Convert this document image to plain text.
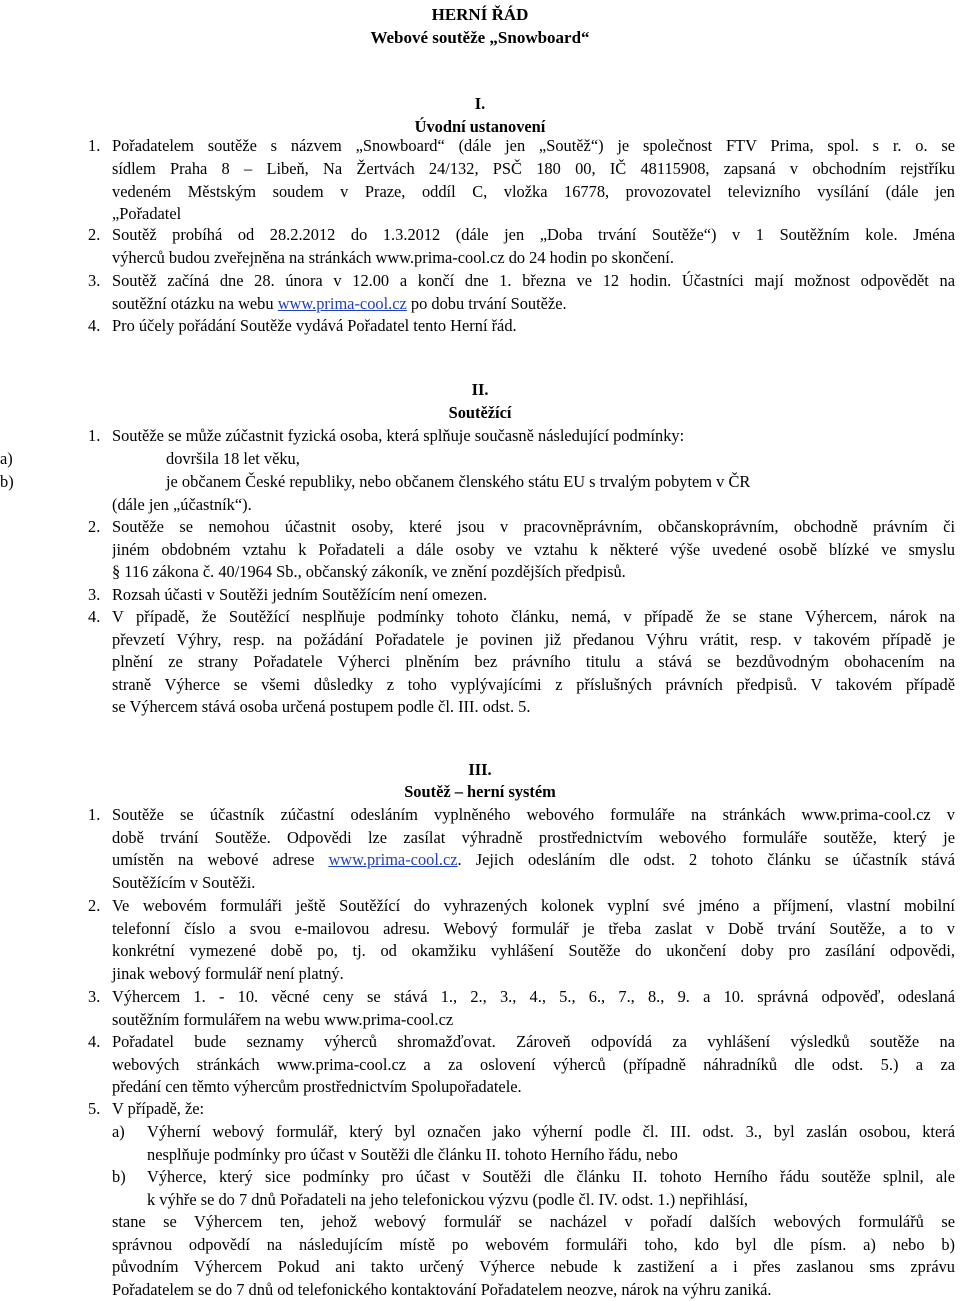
HERNÍ ŘÁD
Webové soutěže „Snowboard“
I.
Úvodní ustanovení
1. Pořadatelem soutěže s názvem „Snowboard“ (dále jen „Soutěž“) je společnost FTV Prima, spol. s r. o. se
sídlem Praha 8 – Libeň, Na Žertvách 24/132, PSČ 180 00, IČ 48115908, zapsaná v obchodním rejstříku
vedeném Městským soudem v Praze, oddíl C, vložka 16778, provozovatel televizního vysílání (dále jen
„Pořadatel
2. Soutěž probíhá od 28.2.2012 do 1.3.2012 (dále jen „Doba trvání Soutěže“) v 1 Soutěžním kole. Jména
výherců budou zveřejněna na stránkách www.prima-cool.cz do 24 hodin po skončení.
3. Soutěž začíná dne 28. února v 12.00 a končí dne 1. března ve 12 hodin. Účastníci mají možnost odpovědět na
soutěžní otázku na webu www.prima-cool.cz po dobu trvání Soutěže.
4. Pro účely pořádání Soutěže vydává Pořadatel tento Herní řád.
II.
Soutěžící
1. Soutěže se může zúčastnit fyzická osoba, která splňuje současně následující podmínky:
a)	dovršila 18 let věku,
b)	je občanem České republiky, nebo občanem členského státu EU s trvalým pobytem v ČR
(dále jen „účastník“).
2. Soutěže se nemohou účastnit osoby, které jsou v pracovněprávním, občanskoprávním, obchodně právním či
jiném obdobném vztahu k Pořadateli a dále osoby ve vztahu k některé výše uvedené osobě blízké ve smyslu
§ 116 zákona č. 40/1964 Sb., občanský zákoník, ve znění pozdějších předpisů.
3. Rozsah účasti v Soutěži jedním Soutěžícím není omezen.
4. V případě, že Soutěžící nesplňuje podmínky tohoto článku, nemá, v případě že se stane Výhercem, nárok na
převzetí Výhry, resp. na požádání Pořadatele je povinen již předanou Výhru vrátit, resp. v takovém případě je
plnění ze strany Pořadatele Výherci plněním bez právního titulu a stává se bezdůvodným obohacením na
straně Výherce se všemi důsledky z toho vyplývajícími z příslušných právních předpisů. V takovém případě
se Výhercem stává osoba určená postupem podle čl. III. odst. 5.
III.
Soutěž – herní systém
1. Soutěže se účastník zúčastní odesláním vyplněného webového formuláře na stránkách www.prima-cool.cz v
době trvání Soutěže. Odpovědi lze zasílat výhradně prostřednictvím webového formuláře soutěže, který je
umístěn na webové adrese www.prima-cool.cz. Jejich odesláním dle odst. 2 tohoto článku se účastník stává
Soutěžícím v Soutěži.
2. Ve webovém formuláři ještě Soutěžící do vyhrazených kolonek vyplní své jméno a příjmení, vlastní mobilní
telefonní číslo a svou e-mailovou adresu. Webový formulář je třeba zaslat v Době trvání Soutěže, a to v
konkrétní vymezené době po, tj. od okamžiku vyhlášení Soutěže do ukončení doby pro zasílání odpovědi,
jinak webový formulář není platný.
3. Výhercem 1. - 10. věcné ceny se stává 1., 2., 3., 4., 5., 6., 7., 8., 9. a 10. správná odpověď, odeslaná
soutěžním formulářem na webu www.prima-cool.cz
4. Pořadatel bude seznamy výherců shromažďovat. Zároveň odpovídá za vyhlášení výsledků soutěže na
webových stránkách www.prima-cool.cz a za oslovení výherců (případně náhradníků dle odst. 5.) a za
předání cen těmto výhercům prostřednictvím Spolupořadatele.
5. V případě, že:
a) Výherní webový formulář, který byl označen jako výherní podle čl. III. odst. 3., byl zaslán osobou, která
nesplňuje podmínky pro účast v Soutěži dle článku II. tohoto Herního řádu, nebo
b) Výherce, který sice podmínky pro účast v Soutěži dle článku II. tohoto Herního řádu soutěže splnil, ale
k výhře se do 7 dnů Pořadateli na jeho telefonickou výzvu (podle čl. IV. odst. 1.) nepřihlásí,
stane se Výhercem ten, jehož webový formulář se nacházel v pořadí dalších webových formulářů se
správnou odpovědí na následujícím místě po webovém formuláři toho, kdo byl dle písm. a) nebo b)
původním Výhercem Pokud ani takto určený Výherce nebude k zastižení a i přes zaslanou sms zprávu
Pořadatelem se do 7 dnů od telefonického kontaktování Pořadatelem neozve, nárok na výhru zaniká.
